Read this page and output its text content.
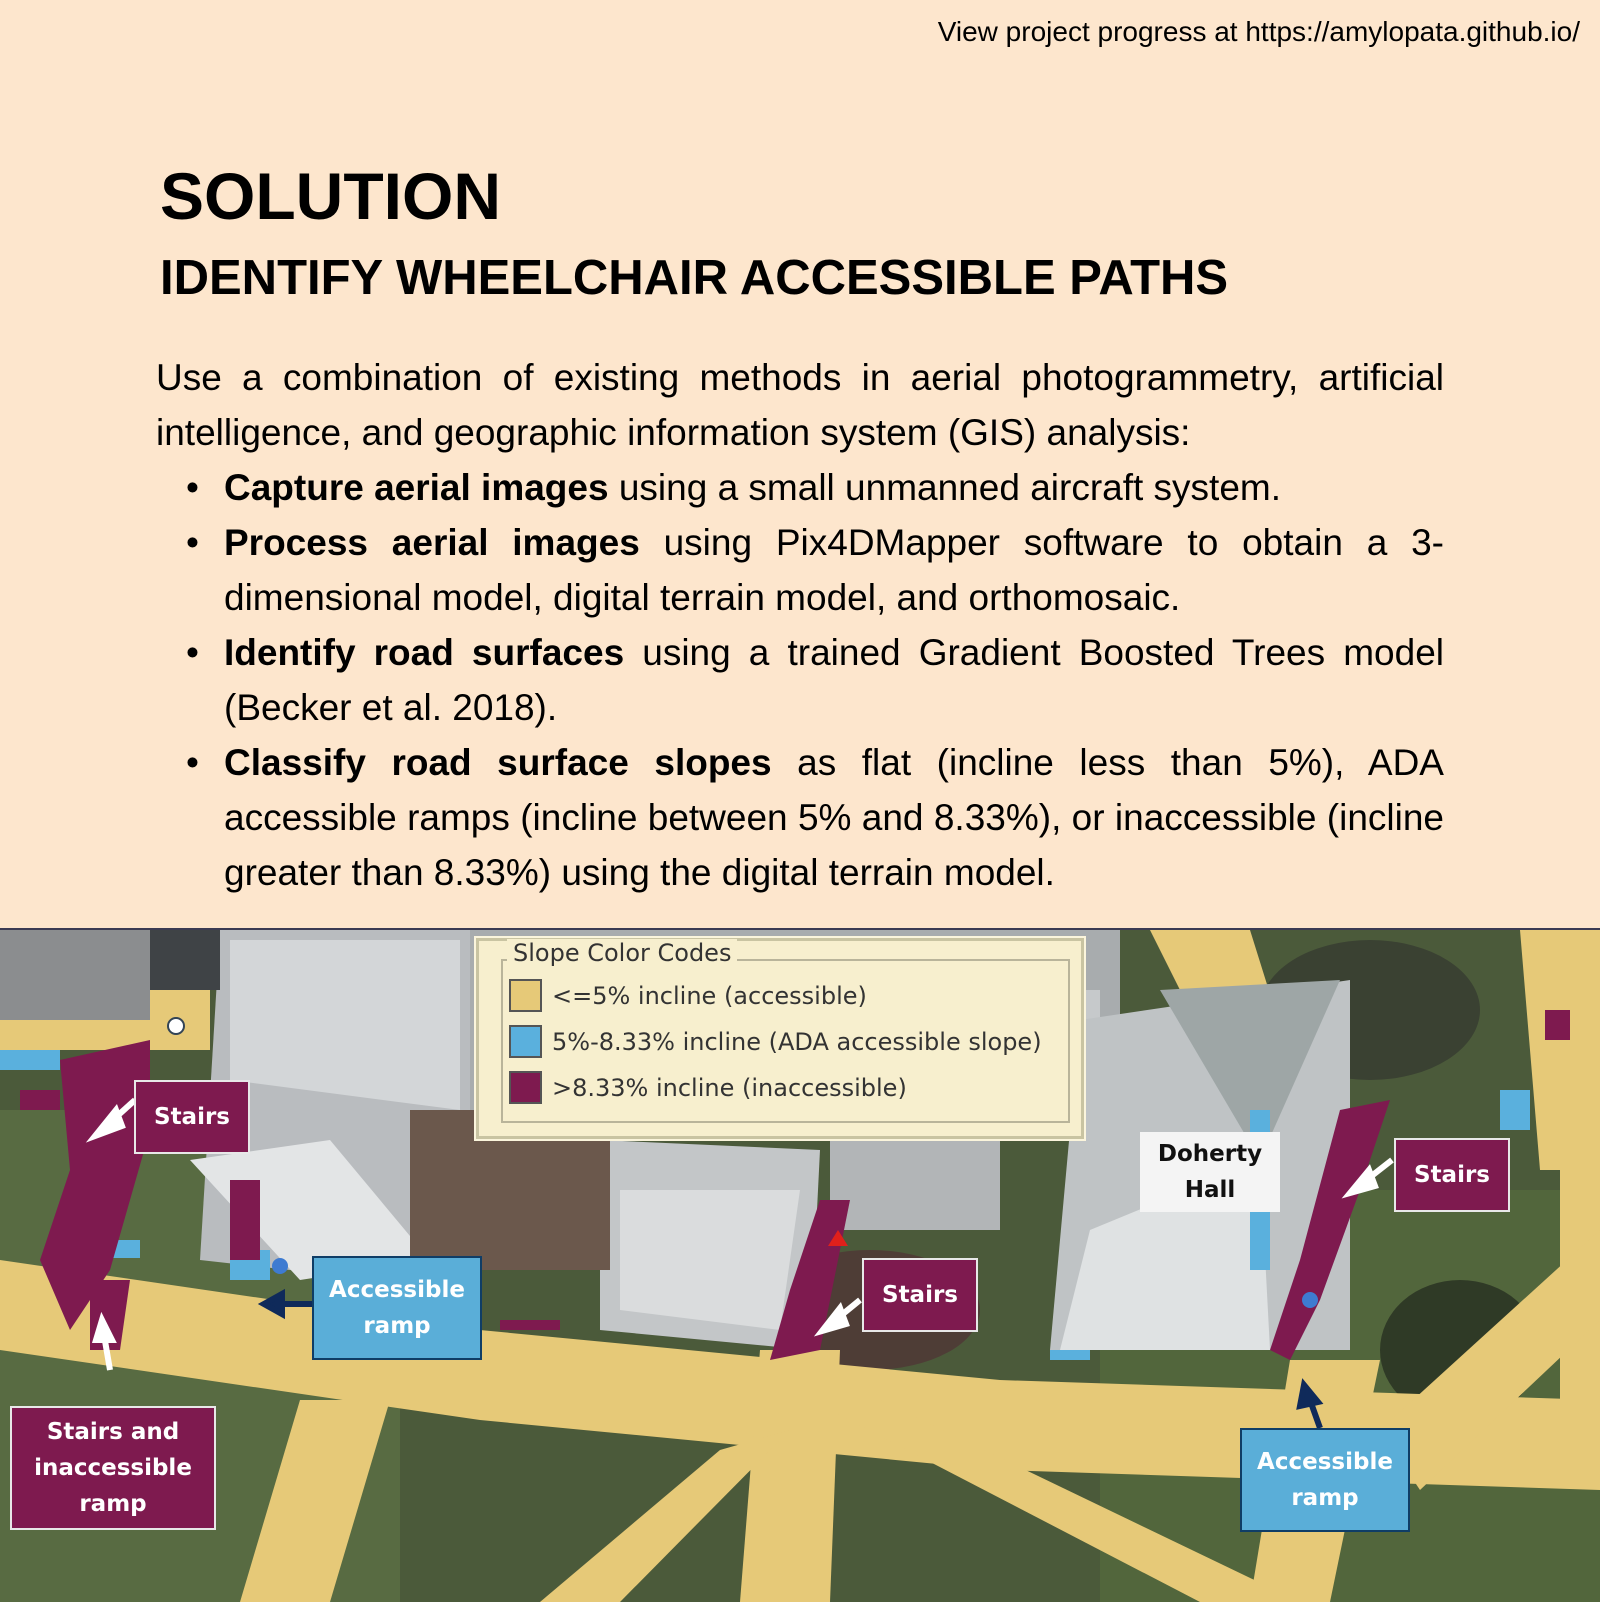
View project progress at https://amylopata.github.io/
SOLUTION
IDENTIFY WHEELCHAIR ACCESSIBLE PATHS

Use a combination of existing methods in aerial photogrammetry, artificial intelligence, and geographic information system (GIS) analysis:

• Capture aerial images using a small unmanned aircraft system.
• Process aerial images using Pix4DMapper software to obtain a 3-dimensional model, digital terrain model, and orthomosaic.
• Identify road surfaces using a trained Gradient Boosted Trees model (Becker et al. 2018).
• Classify road surface slopes as flat (incline less than 5%), ADA accessible ramps (incline between 5% and 8.33%), or inaccessible (incline greater than 8.33%) using the digital terrain model.
Slope Color Codes
<=5% incline (accessible)
5%-8.33% incline (ADA accessible slope)
>8.33% incline (inaccessible)
Stairs
Stairs
Stairs
Accessible ramp
Accessible ramp
Stairs and inaccessible ramp
Doherty Hall
